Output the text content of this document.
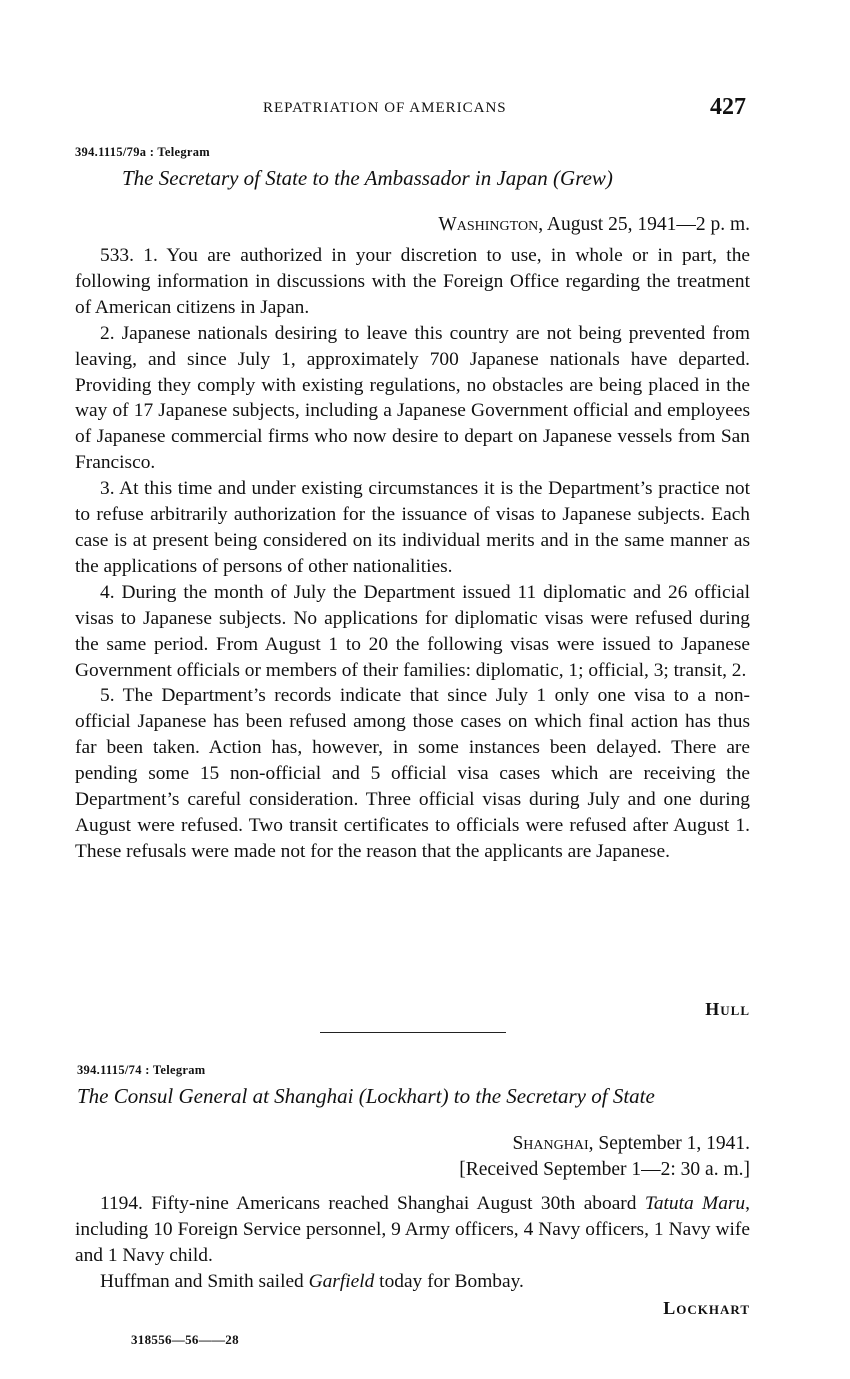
REPATRIATION OF AMERICANS	427
394.1115/79a : Telegram
The Secretary of State to the Ambassador in Japan (Grew)
Washington, August 25, 1941—2 p. m.

533. 1. You are authorized in your discretion to use, in whole or in part, the following information in discussions with the Foreign Office regarding the treatment of American citizens in Japan.

2. Japanese nationals desiring to leave this country are not being prevented from leaving, and since July 1, approximately 700 Japanese nationals have departed. Providing they comply with existing regulations, no obstacles are being placed in the way of 17 Japanese subjects, including a Japanese Government official and employees of Japanese commercial firms who now desire to depart on Japanese vessels from San Francisco.

3. At this time and under existing circumstances it is the Department’s practice not to refuse arbitrarily authorization for the issuance of visas to Japanese subjects. Each case is at present being considered on its individual merits and in the same manner as the applications of persons of other nationalities.

4. During the month of July the Department issued 11 diplomatic and 26 official visas to Japanese subjects. No applications for diplomatic visas were refused during the same period. From August 1 to 20 the following visas were issued to Japanese Government officials or members of their families: diplomatic, 1; official, 3; transit, 2.

5. The Department’s records indicate that since July 1 only one visa to a non-official Japanese has been refused among those cases on which final action has thus far been taken. Action has, however, in some instances been delayed. There are pending some 15 non-official and 5 official visa cases which are receiving the Department’s careful consideration. Three official visas during July and one during August were refused. Two transit certificates to officials were refused after August 1. These refusals were made not for the reason that the applicants are Japanese.

Hull
394.1115/74 : Telegram
The Consul General at Shanghai (Lockhart) to the Secretary of State
Shanghai, September 1, 1941.
[Received September 1—2: 30 a. m.]

1194. Fifty-nine Americans reached Shanghai August 30th aboard Tatuta Maru, including 10 Foreign Service personnel, 9 Army officers, 4 Navy officers, 1 Navy wife and 1 Navy child.

Huffman and Smith sailed Garfield today for Bombay.

Lockhart
318556—56——28
